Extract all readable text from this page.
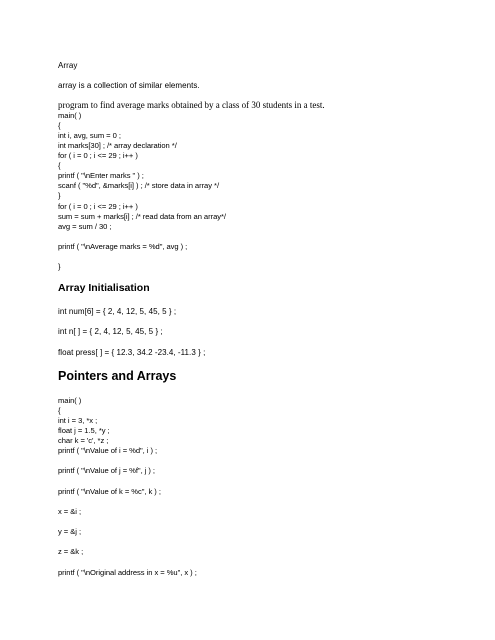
Array
array is a collection of similar elements.
program to find average marks obtained by a class of 30 students in a test.
main( )
{
int i, avg, sum = 0 ;
int marks[30] ; /* array declaration */
for ( i = 0 ; i <= 29 ; i++ )
{
printf ( "\nEnter marks " ) ;
scanf ( "%d", &marks[i] ) ; /* store data in array */
}
for ( i = 0 ; i <= 29 ; i++ )
sum = sum + marks[i] ; /* read data from an array*/
avg = sum / 30 ;
printf ( "\nAverage marks = %d", avg ) ;
}
Array Initialisation
int num[6] = { 2, 4, 12, 5, 45, 5 } ;
int n[ ] = { 2, 4, 12, 5, 45, 5 } ;
float press[ ] = { 12.3, 34.2 -23.4, -11.3 } ;
Pointers and Arrays
main( )
{
int i = 3, *x ;
float j = 1.5, *y ;
char k = 'c', *z ;
printf ( "\nValue of i = %d", i ) ;
printf ( "\nValue of j = %f", j ) ;
printf ( "\nValue of k = %c", k ) ;
x = &i ;
y = &j ;
z = &k ;
printf ( "\nOriginal address in x = %u", x ) ;
